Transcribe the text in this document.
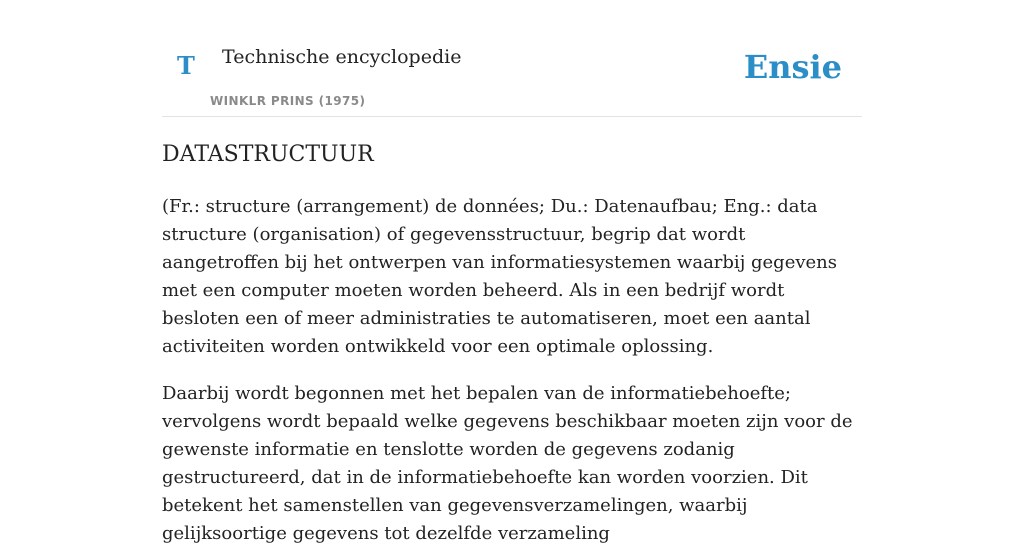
T Technische encyclopedie
WINKLR PRINS (1975)
Ensie
DATASTRUCTUUR

(Fr.: structure (arrangement) de données; Du.: Datenaufbau; Eng.: data structure (organisation) of gegevensstructuur, begrip dat wordt aangetroffen bij het ontwerpen van informatiesystemen waarbij gegevens met een computer moeten worden beheerd. Als in een bedrijf wordt besloten een of meer administraties te automatiseren, moet een aantal activiteiten worden ontwikkeld voor een optimale oplossing.

Daarbij wordt begonnen met het bepalen van de informatiebehoefte; vervolgens wordt bepaald welke gegevens beschikbaar moeten zijn voor de gewenste informatie en tenslotte worden de gegevens zodanig gestructureerd, dat in de informatiebehoefte kan worden voorzien. Dit betekent het samenstellen van gegevensverzamelingen, waarbij gelijksoortige gegevens tot dezelfde verzameling
